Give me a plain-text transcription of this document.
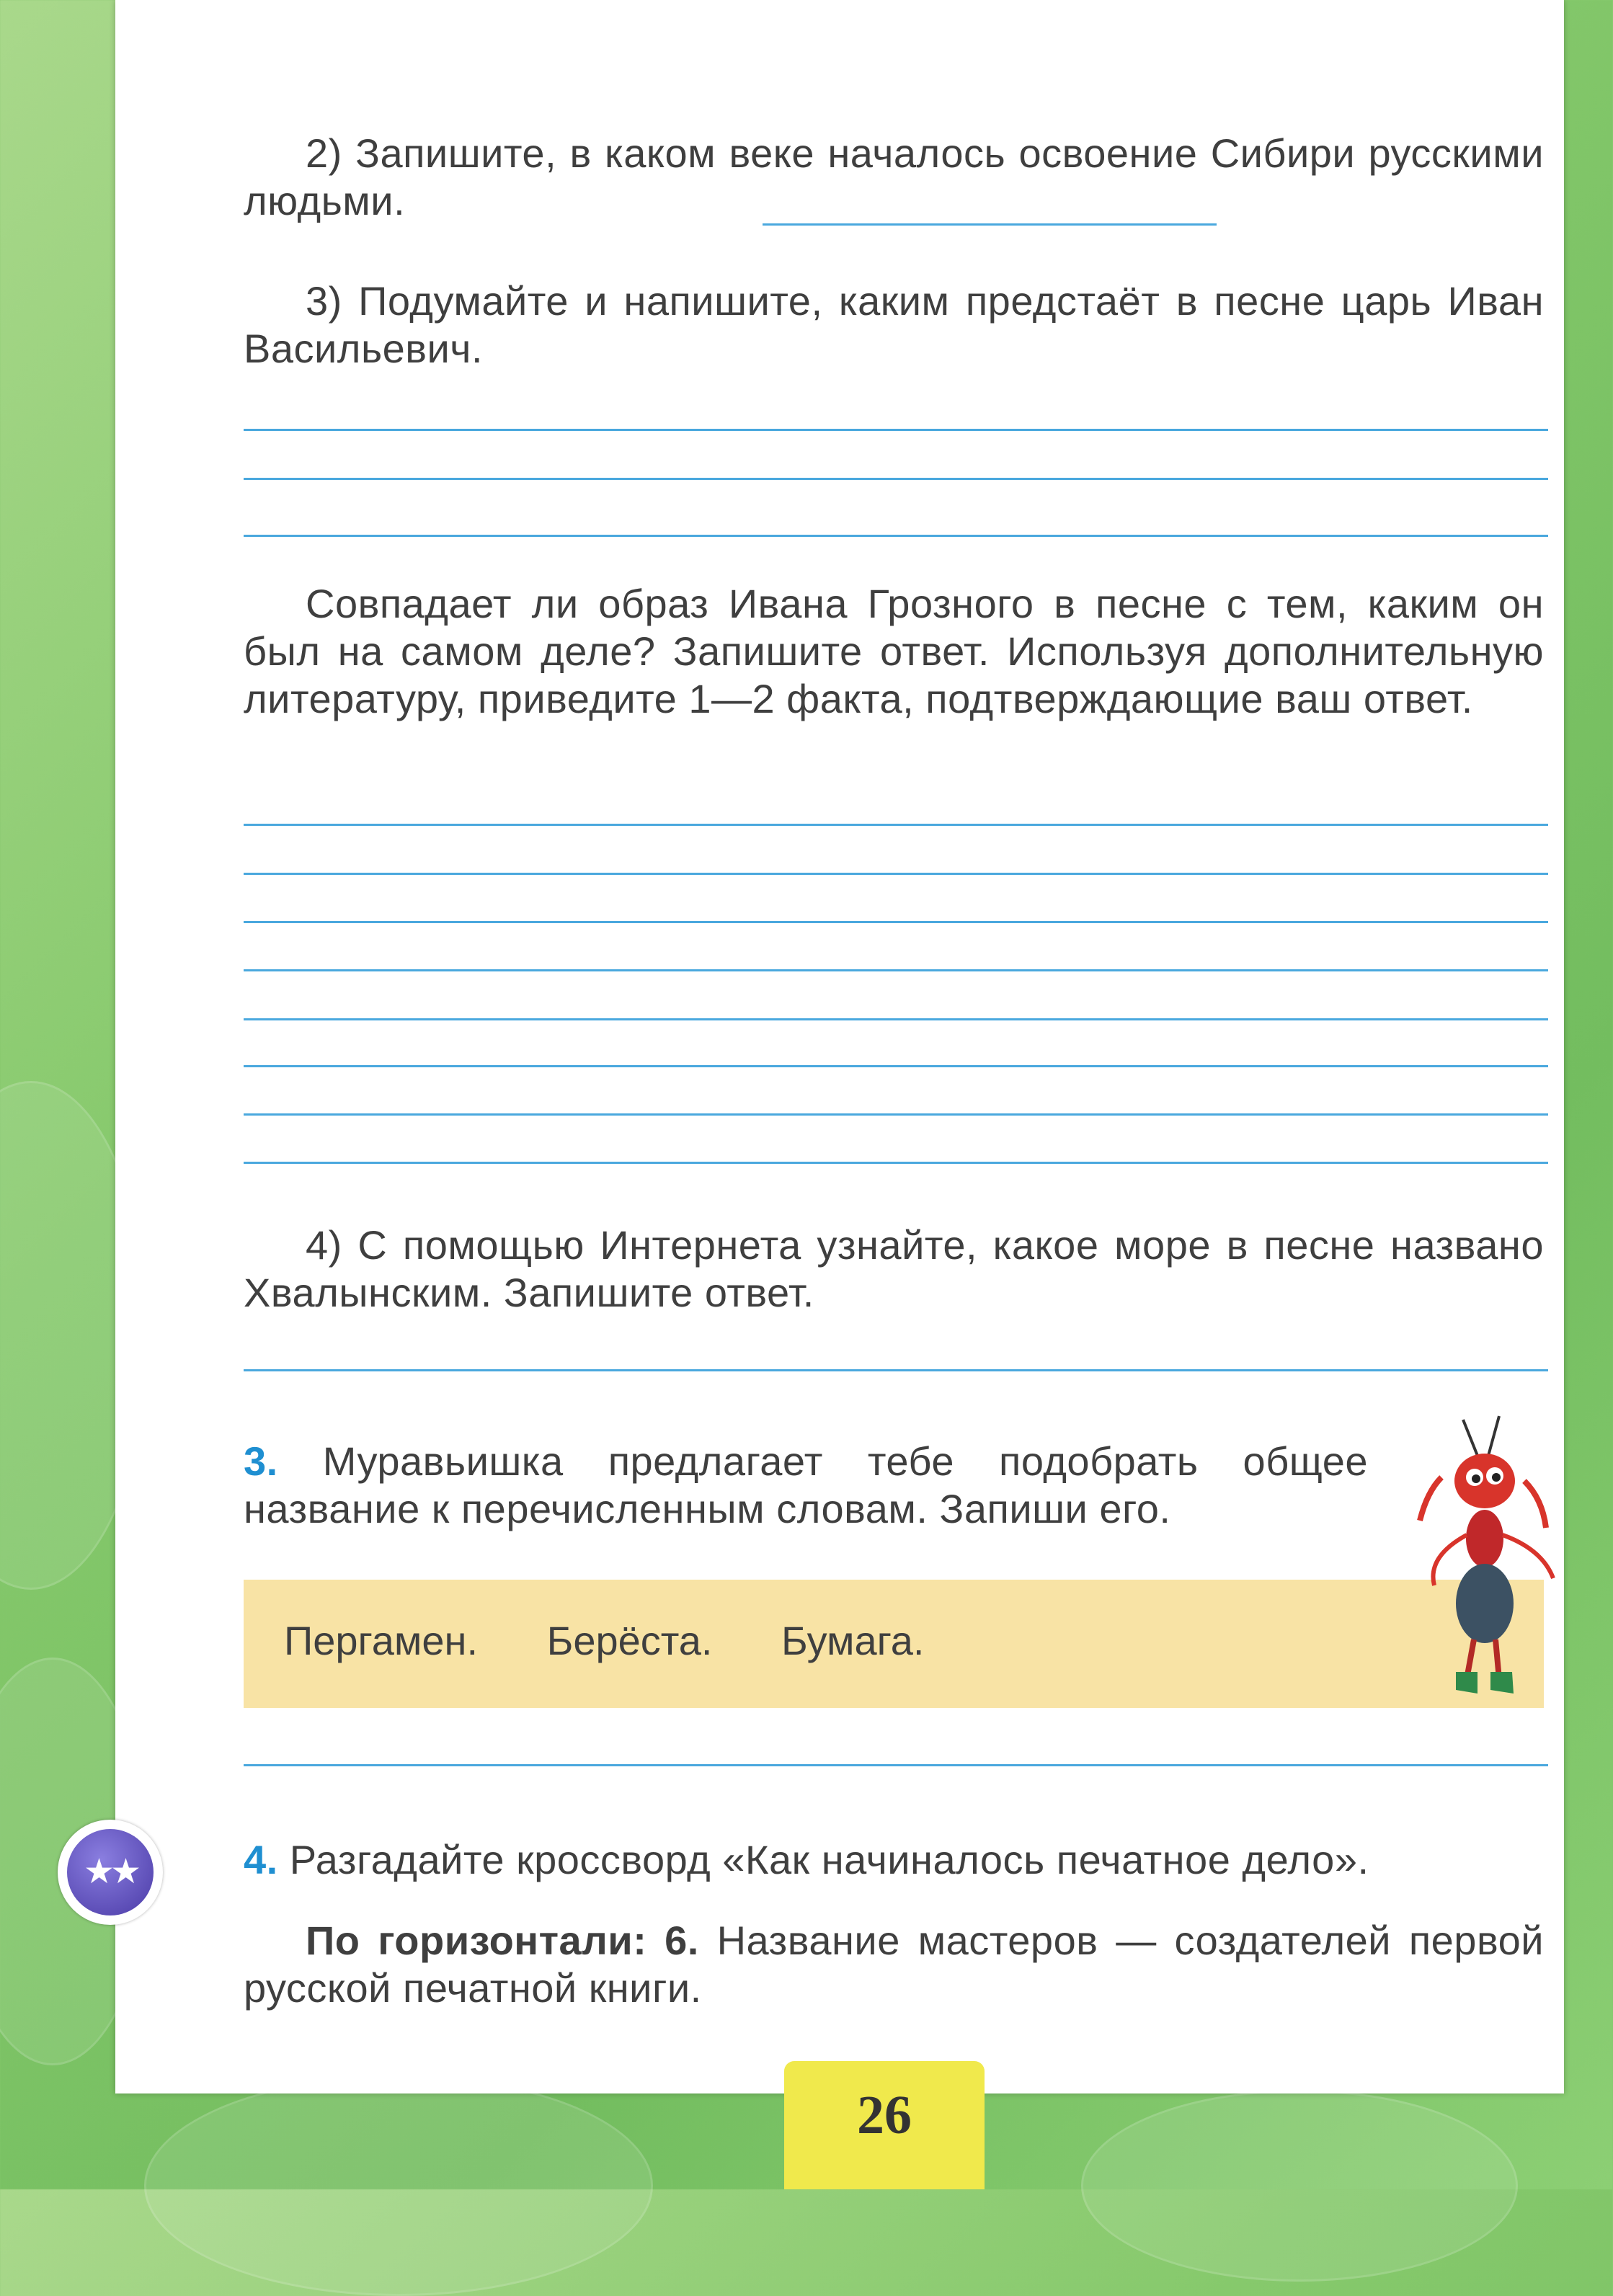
2) Запишите, в каком веке началось освоение Сибири русскими людьми.

3) Подумайте и напишите, каким предстаёт в песне царь Иван Васильевич.

Совпадает ли образ Ивана Грозного в песне с тем, каким он был на самом деле? Запишите ответ. Используя дополнительную литературу, приведите 1—2 факта, подтверждающие ваш ответ.

4) С помощью Интернета узнайте, какое море в песне названо Хвалынским. Запишите ответ.

3. Муравьишка предлагает тебе подобрать общее название к перечисленным словам. Запиши его.

Пергамен. Берёста. Бумага.
★★	4. Разгадайте кроссворд «Как начиналось печатное дело».

По горизонтали: 6. Название мастеров — создателей первой русской печатной книги.

26
